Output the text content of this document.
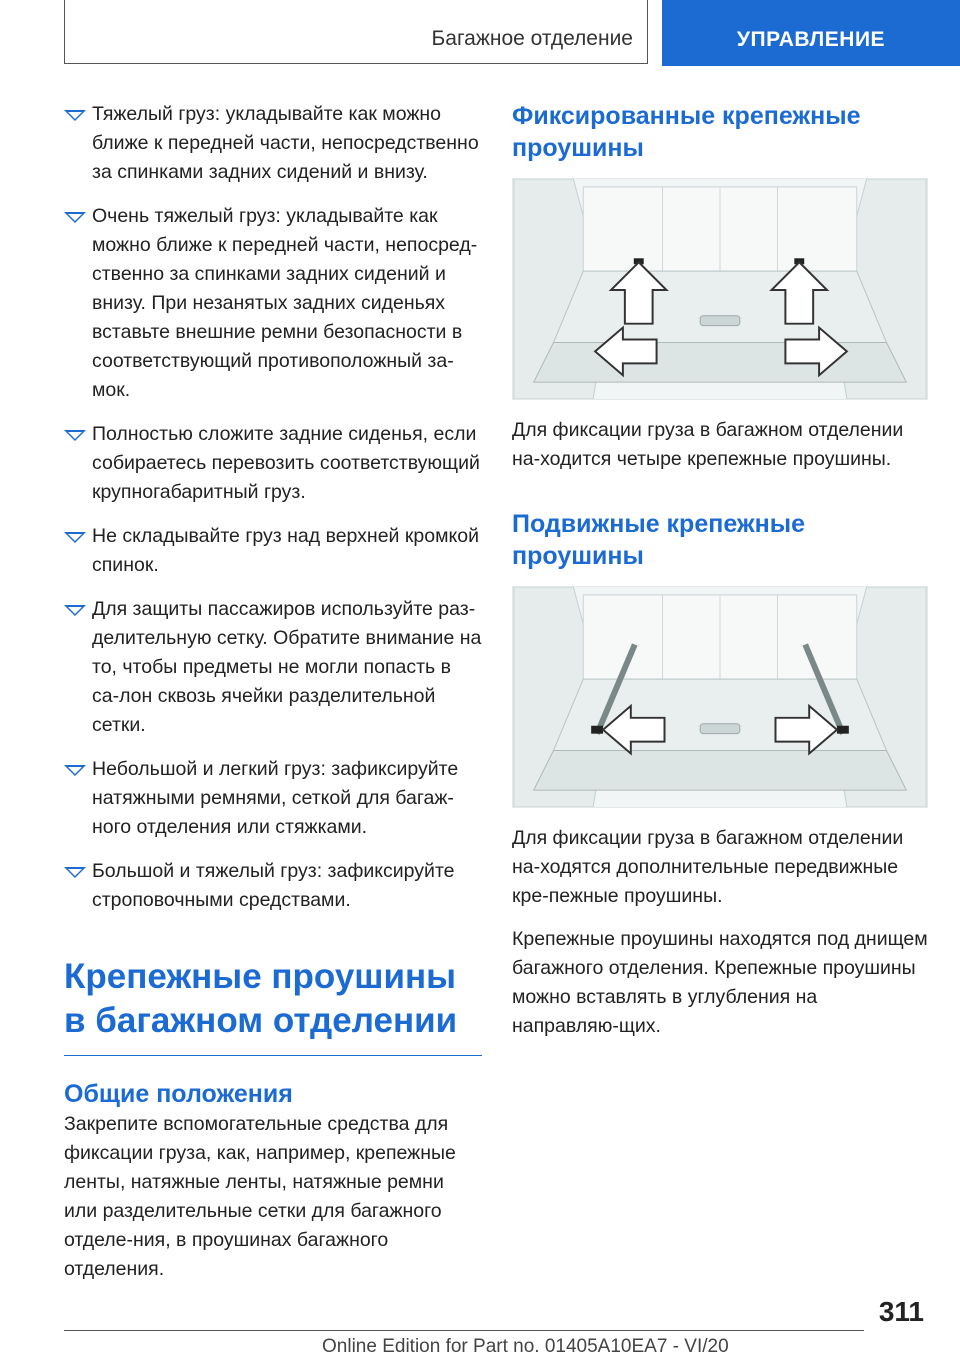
Багажное отделение	УПРАВЛЕНИЕ
Тяжелый груз: укладывайте как можно ближе к передней части, непосредственно за спинками задних сидений и внизу.
Очень тяжелый груз: укладывайте как можно ближе к передней части, непосред‐ственно за спинками задних сидений и внизу. При незанятых задних сиденьях вставьте внешние ремни безопасности в соответствующий противоположный за‐мок.
Полностью сложите задние сиденья, если собираетесь перевозить соответствующий крупногабаритный груз.
Не складывайте груз над верхней кромкой спинок.
Для защиты пассажиров используйте раз‐делительную сетку. Обратите внимание на то, чтобы предметы не могли попасть в са‐лон сквозь ячейки разделительной сетки.
Небольшой и легкий груз: зафиксируйте натяжными ремнями, сеткой для багаж‐ного отделения или стяжками.
Большой и тяжелый груз: зафиксируйте строповочными средствами.
Крепежные проушины в багажном отделении
Общие положения

Закрепите вспомогательные средства для фиксации груза, как, например, крепежные ленты, натяжные ленты, натяжные ремни или разделительные сетки для багажного отделе‐ния, в проушинах багажного отделения.

Фиксированные крепежные проушины

Для фиксации груза в багажном отделении на‐ходится четыре крепежные проушины.

Подвижные крепежные проушины

Для фиксации груза в багажном отделении на‐ходятся дополнительные передвижные кре‐пежные проушины.

Крепежные проушины находятся под днищем багажного отделения. Крепежные проушины можно вставлять в углубления на направляю‐щих.

311
Online Edition for Part no. 01405A10EA7 - VI/20
